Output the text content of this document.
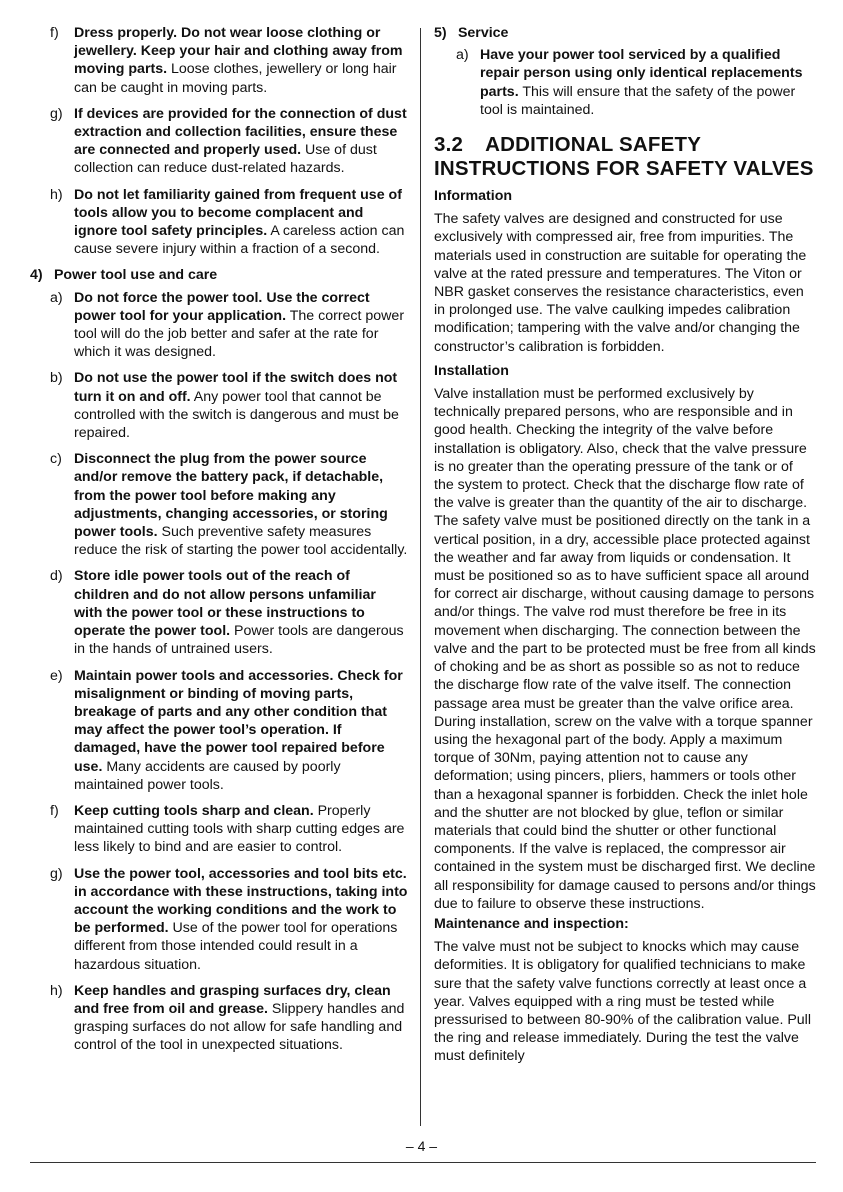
f) Dress properly. Do not wear loose clothing or jewellery. Keep your hair and clothing away from moving parts. Loose clothes, jewellery or long hair can be caught in moving parts.
g) If devices are provided for the connection of dust extraction and collection facilities, ensure these are connected and properly used. Use of dust collection can reduce dust-related hazards.
h) Do not let familiarity gained from frequent use of tools allow you to become complacent and ignore tool safety principles. A careless action can cause severe injury within a fraction of a second.
4) Power tool use and care
a) Do not force the power tool. Use the correct power tool for your application. The correct power tool will do the job better and safer at the rate for which it was designed.
b) Do not use the power tool if the switch does not turn it on and off. Any power tool that cannot be controlled with the switch is dangerous and must be repaired.
c) Disconnect the plug from the power source and/or remove the battery pack, if detachable, from the power tool before making any adjustments, changing accessories, or storing power tools. Such preventive safety measures reduce the risk of starting the power tool accidentally.
d) Store idle power tools out of the reach of children and do not allow persons unfamiliar with the power tool or these instructions to operate the power tool. Power tools are dangerous in the hands of untrained users.
e) Maintain power tools and accessories. Check for misalignment or binding of moving parts, breakage of parts and any other condition that may affect the power tool’s operation. If damaged, have the power tool repaired before use. Many accidents are caused by poorly maintained power tools.
f) Keep cutting tools sharp and clean. Properly maintained cutting tools with sharp cutting edges are less likely to bind and are easier to control.
g) Use the power tool, accessories and tool bits etc. in accordance with these instructions, taking into account the working conditions and the work to be performed. Use of the power tool for operations different from those intended could result in a hazardous situation.
h) Keep handles and grasping surfaces dry, clean and free from oil and grease. Slippery handles and grasping surfaces do not allow for safe handling and control of the tool in unexpected situations.
5) Service
a) Have your power tool serviced by a qualified repair person using only identical replacements parts. This will ensure that the safety of the power tool is maintained.
3.2 ADDITIONAL SAFETY INSTRUCTIONS FOR SAFETY VALVES
Information
The safety valves are designed and constructed for use exclusively with compressed air, free from impurities. The materials used in construction are suitable for operating the valve at the rated pressure and temperatures. The Viton or NBR gasket conserves the resistance characteristics, even in prolonged use. The valve caulking impedes calibration modification; tampering with the valve and/or changing the constructor’s calibration is forbidden.
Installation
Valve installation must be performed exclusively by technically prepared persons, who are responsible and in good health. Checking the integrity of the valve before installation is obligatory. Also, check that the valve pressure is no greater than the operating pressure of the tank or of the system to protect. Check that the discharge flow rate of the valve is greater than the quantity of the air to discharge. The safety valve must be positioned directly on the tank in a vertical position, in a dry, accessible place protected against the weather and far away from liquids or condensation. It must be positioned so as to have sufficient space all around for correct air discharge, without causing damage to persons and/or things. The valve rod must therefore be free in its movement when discharging. The connection between the valve and the part to be protected must be free from all kinds of choking and be as short as possible so as not to reduce the discharge flow rate of the valve itself. The connection passage area must be greater than the valve orifice area. During installation, screw on the valve with a torque spanner using the hexagonal part of the body. Apply a maximum torque of 30Nm, paying attention not to cause any deformation; using pincers, pliers, hammers or tools other than a hexagonal spanner is forbidden. Check the inlet hole and the shutter are not blocked by glue, teflon or similar materials that could bind the shutter or other functional components. If the valve is replaced, the compressor air contained in the system must be discharged first. We decline all responsibility for damage caused to persons and/or things due to failure to observe these instructions.
Maintenance and inspection:
The valve must not be subject to knocks which may cause deformities. It is obligatory for qualified technicians to make sure that the safety valve functions correctly at least once a year. Valves equipped with a ring must be tested while pressurised to between 80-90% of the calibration value. Pull the ring and release immediately. During the test the valve must definitely
– 4 –
